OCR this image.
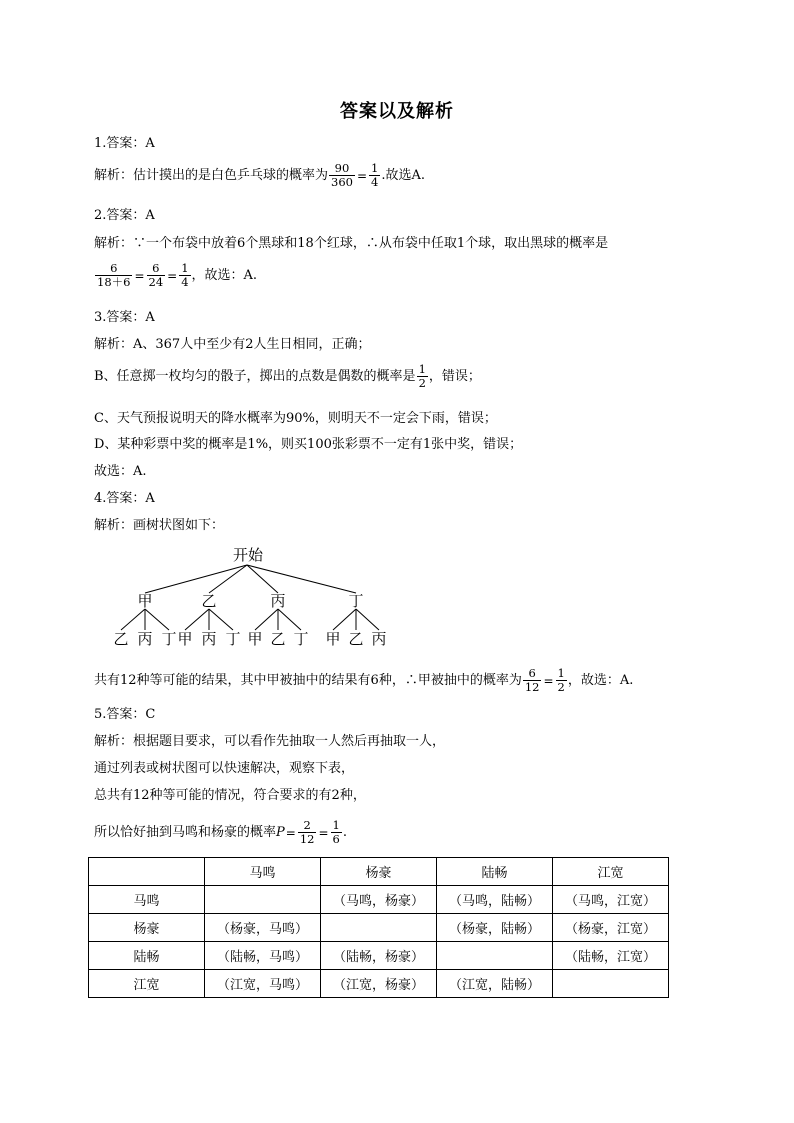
答案以及解析
1.答案：A
解析：估计摸出的是白色乒乓球的概率为 $\frac{90}{360} = \frac{1}{4}$ .故选A.
2.答案：A
解析：∵一个布袋中放着6个黑球和18个红球，∴从布袋中任取1个球，取出黑球的概率是
$\frac{6}{18+6} = \frac{6}{24} = \frac{1}{4}$ ，故选：A.
3.答案：A
解析：A、367人中至少有2人生日相同，正确；
B、任意掷一枚均匀的骰子，掷出的点数是偶数的概率是 $\frac{1}{2}$ ，错误；
C、天气预报说明天的降水概率为90%，则明天不一定会下雨，错误；
D、某种彩票中奖的概率是1%，则买100张彩票不一定有1张中奖，错误；
故选：A.
4.答案：A
解析：画树状图如下：
开始
甲	乙	丙	丁
乙 丙 丁 甲 丙 丁 甲 乙 丁	甲 乙 丙
共有12种等可能的结果，其中甲被抽中的结果有6种，∴甲被抽中的概率为 $\frac{6}{12} = \frac{1}{2}$ ，故选：A.
5.答案：C
解析：根据题目要求，可以看作先抽取一人然后再抽取一人，
通过列表或树状图可以快速解决，观察下表，
总共有12种等可能的情况，符合要求的有2种，
所以恰好抽到马鸣和杨豪的概率$P= \frac{2}{12} = \frac{1}{6}$ .
	马鸣	杨豪	陆畅	江宽
马鸣		（马鸣，杨豪）	（马鸣，陆畅）	（马鸣，江宽）
杨豪	（杨豪，马鸣）		（杨豪，陆畅）	（杨豪，江宽）
陆畅	（陆畅，马鸣）	（陆畅，杨豪）		（陆畅，江宽）
江宽	（江宽，马鸣）	（江宽，杨豪）	（江宽，陆畅）	
